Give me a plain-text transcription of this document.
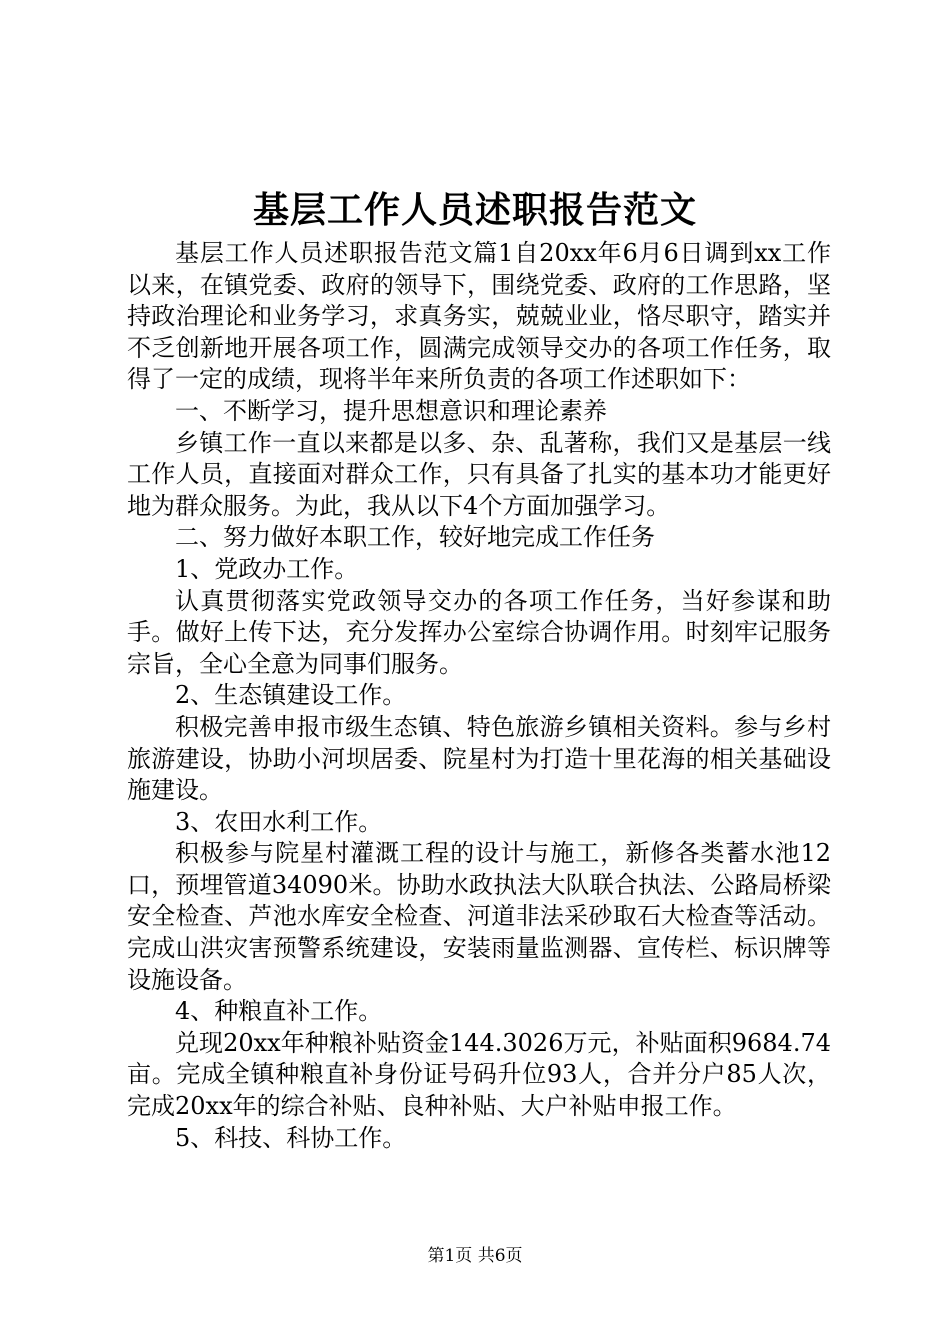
基层工作人员述职报告范文

基层工作人员述职报告范文篇1自20xx年6月6日调到xx工作以来，在镇党委、政府的领导下，围绕党委、政府的工作思路，坚持政治理论和业务学习，求真务实，兢兢业业，恪尽职守，踏实并不乏创新地开展各项工作，圆满完成领导交办的各项工作任务，取得了一定的成绩，现将半年来所负责的各项工作述职如下：

一、不断学习，提升思想意识和理论素养

乡镇工作一直以来都是以多、杂、乱著称，我们又是基层一线工作人员，直接面对群众工作，只有具备了扎实的基本功才能更好地为群众服务。为此，我从以下4个方面加强学习。

二、努力做好本职工作，较好地完成工作任务

1、党政办工作。

认真贯彻落实党政领导交办的各项工作任务，当好参谋和助手。做好上传下达，充分发挥办公室综合协调作用。时刻牢记服务宗旨，全心全意为同事们服务。

2、生态镇建设工作。

积极完善申报市级生态镇、特色旅游乡镇相关资料。参与乡村旅游建设，协助小河坝居委、院星村为打造十里花海的相关基础设施建设。

3、农田水利工作。

积极参与院星村灌溉工程的设计与施工，新修各类蓄水池12口，预埋管道34090米。协助水政执法大队联合执法、公路局桥梁安全检查、芦池水库安全检查、河道非法采砂取石大检查等活动。完成山洪灾害预警系统建设，安装雨量监测器、宣传栏、标识牌等设施设备。

4、种粮直补工作。

兑现20xx年种粮补贴资金144.3026万元，补贴面积9684.74亩。完成全镇种粮直补身份证号码升位93人，合并分户85人次，完成20xx年的综合补贴、良种补贴、大户补贴申报工作。

5、科技、科协工作。

第1页 共6页
